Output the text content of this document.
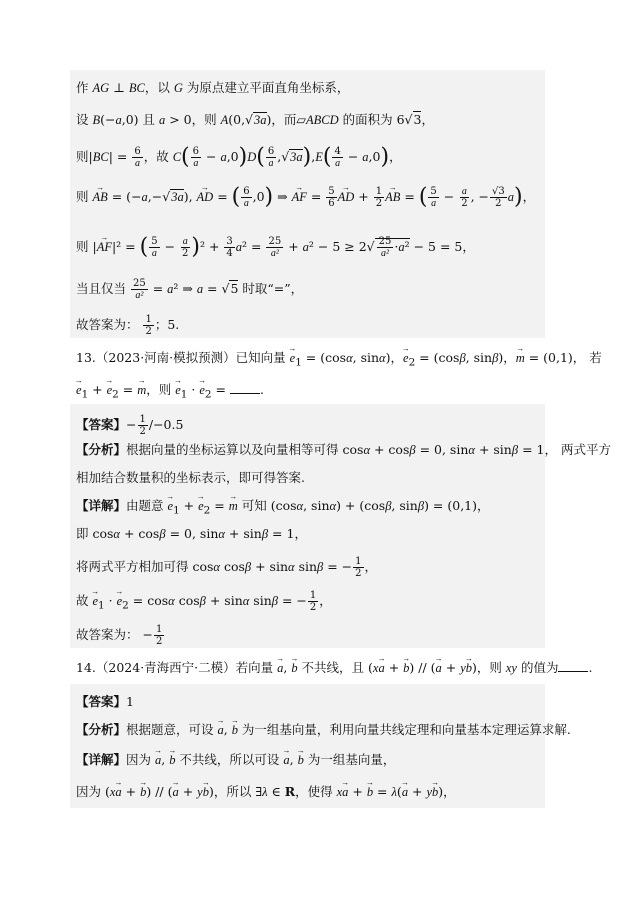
作 AG ⊥ BC，以 G 为原点建立平面直角坐标系，
设 B(−a,0) 且 a > 0，则 A(0,√3a)，而▱ABCD 的面积为 6√3，
则$|BC| = \frac{6}{a}$ ，故 $C( \frac{6}{a} - a,0)D( \frac{6}{a} ,√3a),E( \frac{4}{a} - a,0)$，
则 → AB = (−a,−√3a), → AD = ( $\frac{6}{a} ,0$) ⇒ → AF = $\frac{5}{6}$ → AD + $\frac{1}{2}$ → AB = ( $\frac{5}{a} - \frac{a}{2}$ , − $\frac{√3}{2} a$)，
则 |→ AF|² = ( $\frac{5}{a} - \frac{a}{2} )^2 + \frac{3}{4} a^2 = \frac{25}{\text{a²}} + a^2 - 5 \ge 2√ \frac{25}{\text{a²}} \cdot a^2 - 5 = 5$，
当且仅当 $\frac{25}{\text{a²}} = a^2$ ⇒ a = √5 时取“=”，
故答案为： $\frac{1}{2}$ ；5.
13.（2023·河南·模拟预测）已知向量 → $e_1 = (\cos\alpha$, sinα)，→ $e_2 = (\cos\beta$, sinβ)，→ m = (0,1)， 若
→ $e_1$ + → $e_2$ = → m，则 → $e_1$ · → $e_2$ = .
【答案】− $\frac{1}{2} /-0.5$
【分析】根据向量的坐标运算以及向量相等可得 cosα + cosβ = 0, sinα + sinβ = 1， 两式平方
相加结合数量积的坐标表示，即可得答案.
【详解】由题意 → $e_1$ + → $e_2$ = → m 可知 (cosα, sinα) + (cosβ, sinβ) = (0,1)，
即 cosα + cosβ = 0, sinα + sinβ = 1，
将两式平方相加可得 cosα cosβ + sinα sinβ = − $\frac{1}{2}$ ，
故 → $e_1$ · → $e_2 = \cos\alpha$ cosβ + sinα sinβ = − $\frac{1}{2}$ ，
故答案为： − $\frac{1}{2}$
14.（2024·青海西宁·二模）若向量 → a, → b 不共线，且 (x→ a + → b) // (→ a + y→ b)，则 xy 的值为 .
【答案】1
【分析】根据题意，可设 → a, → b 为一组基向量，利用向量共线定理和向量基本定理运算求解.
【详解】因为 → a, → b 不共线，所以可设 → a, → b 为一组基向量，
因为 (x→ a + → b) // (→ a + y→ b)，所以 ∃λ ∈ R，使得 x→ a + → b = λ(→ a + y→ b)，
